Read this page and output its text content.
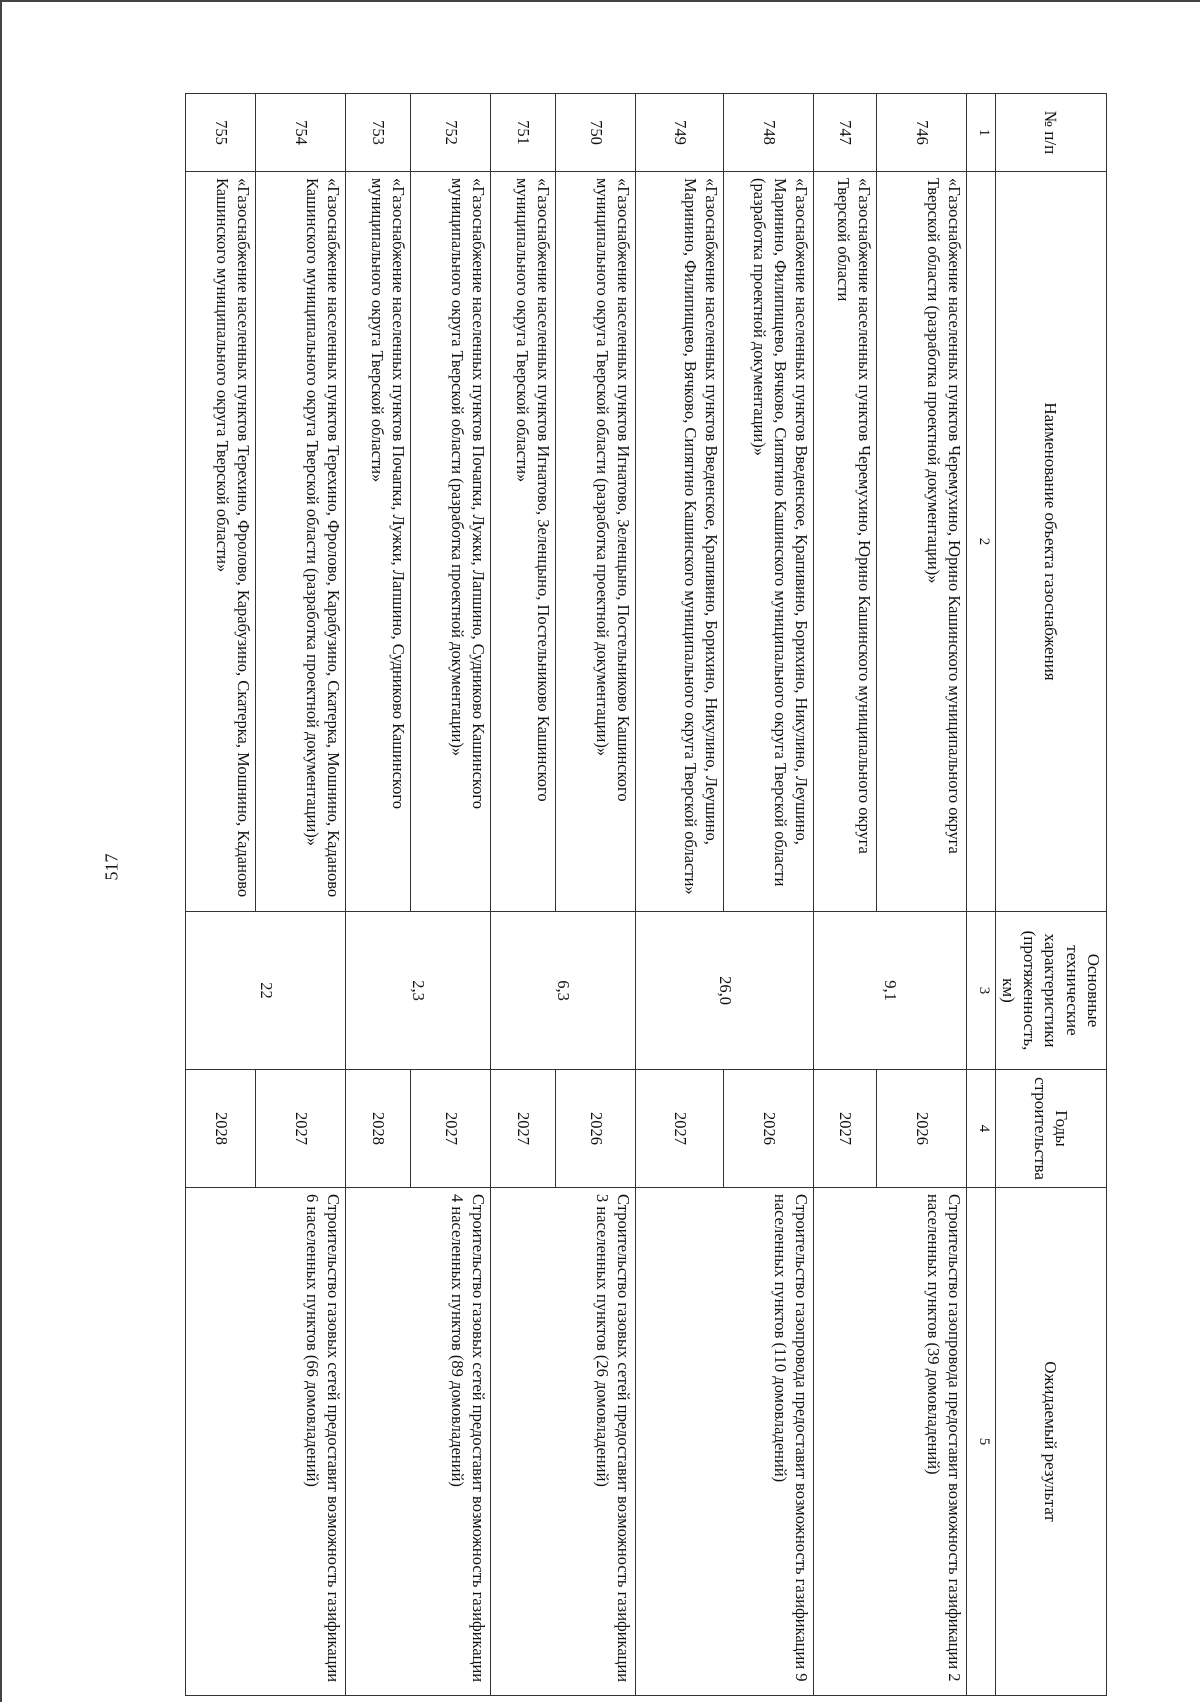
517
№ п/п	Наименование объекта газоснабжения	Основные технические характеристики (протяженность, км)	Годы строительства	Ожидаемый результат
1	2	3	4	5
746	«Газоснабжение населенных пунктов Черемухино, Юрино Кашинского муниципального округа Тверской области (разработка проектной документации)»	9,1	2026	Строительство газопровода предоставит возможность газификации 2 населенных пунктов (39 домовладений)
747	«Газоснабжение населенных пунктов Черемухино, Юрино Кашинского муниципального округа Тверской области		2027	
748	«Газоснабжение населенных пунктов Введенское, Крапивино, Борихино, Никулино, Леушино, Маринино, Филипищево, Вячково, Сипягино Кашинского муниципального округа Тверской области (разработка проектной документации)»	26,0	2026	Строительство газопровода предоставит возможность газификации 9 населенных пунктов (110 домовладений)
749	«Газоснабжение населенных пунктов Введенское, Крапивино, Борихино, Никулино, Леушино, Маринино, Филипищево, Вячково, Сипягино Кашинского муниципального округа Тверской области»		2027	
750	«Газоснабжение населенных пунктов Игнатово, Зеленцыно, Постельниково Кашинского муниципального округа Тверской области (разработка проектной документации)»	6,3	2026	Строительство газовых сетей предоставит возможность газификации 3 населенных пунктов (26 домовладений)
751	«Газоснабжение населенных пунктов Игнатово, Зеленцыно, Постельниково Кашинского муниципального округа Тверской области»		2027	
752	«Газоснабжение населенных пунктов Почапки, Лужки, Лапшино, Судниково Кашинского муниципального округа Тверской области (разработка проектной документации)»	2,3	2027	Строительство газовых сетей предоставит возможность газификации 4 населенных пунктов (89 домовладений)
753	«Газоснабжение населенных пунктов Почапки, Лужки, Лапшино, Судниково Кашинского муниципального округа Тверской области»		2028	
754	«Газоснабжение населенных пунктов Терехино, Фролово, Карабузино, Скатерка, Мошнино, Каданово Кашинского муниципального округа Тверской области (разработка проектной документации)»	22	2027	Строительство газовых сетей предоставит возможность газификации 6 населенных пунктов (66 домовладений)
755	«Газоснабжение населенных пунктов Терехино, Фролово, Карабузино, Скатерка, Мошнино, Каданово Кашинского муниципального округа Тверской области»		2028	
